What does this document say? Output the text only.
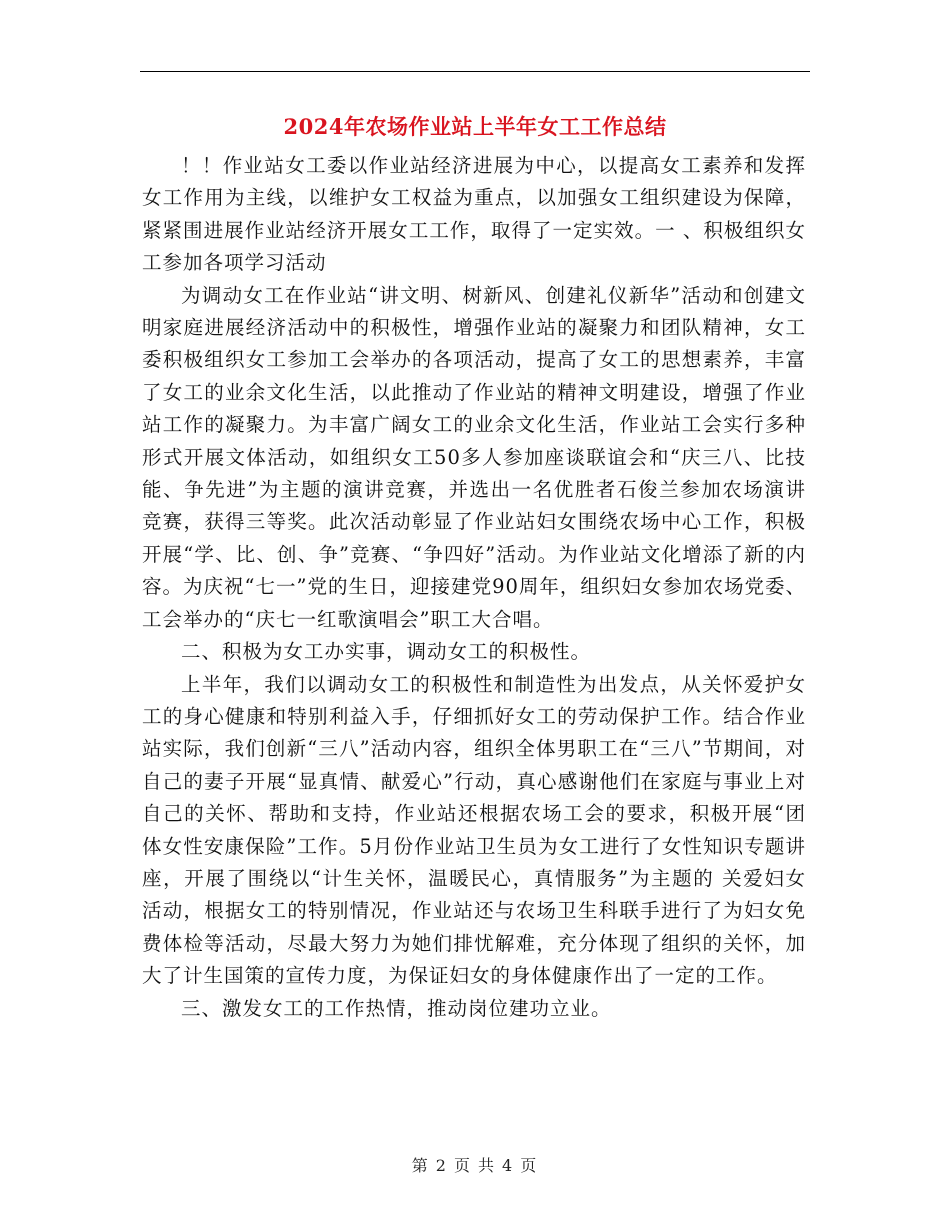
2024年农场作业站上半年女工工作总结

！！作业站女工委以作业站经济进展为中心，以提高女工素养和发挥女工作用为主线，以维护女工权益为重点，以加强女工组织建设为保障，紧紧围进展作业站经济开展女工工作，取得了一定实效。一 、积极组织女工参加各项学习活动

为调动女工在作业站“讲文明、树新风、创建礼仪新华”活动和创建文明家庭进展经济活动中的积极性，增强作业站的凝聚力和团队精神，女工委积极组织女工参加工会举办的各项活动，提高了女工的思想素养，丰富了女工的业余文化生活，以此推动了作业站的精神文明建设，增强了作业站工作的凝聚力。为丰富广阔女工的业余文化生活，作业站工会实行多种形式开展文体活动，如组织女工50多人参加座谈联谊会和“庆三八、比技能、争先进”为主题的演讲竞赛，并选出一名优胜者石俊兰参加农场演讲竞赛，获得三等奖。此次活动彰显了作业站妇女围绕农场中心工作，积极开展“学、比、创、争”竞赛、“争四好”活动。为作业站文化增添了新的内容。为庆祝“七一”党的生日，迎接建党90周年，组织妇女参加农场党委、工会举办的“庆七一红歌演唱会”职工大合唱。

二、积极为女工办实事，调动女工的积极性。

上半年，我们以调动女工的积极性和制造性为出发点，从关怀爱护女工的身心健康和特别利益入手，仔细抓好女工的劳动保护工作。结合作业站实际，我们创新“三八”活动内容，组织全体男职工在“三八”节期间，对自己的妻子开展“显真情、献爱心”行动，真心感谢他们在家庭与事业上对自己的关怀、帮助和支持，作业站还根据农场工会的要求，积极开展“团体女性安康保险”工作。5月份作业站卫生员为女工进行了女性知识专题讲座，开展了围绕以“计生关怀，温暖民心，真情服务”为主题的 关爱妇女活动，根据女工的特别情况，作业站还与农场卫生科联手进行了为妇女免费体检等活动，尽最大努力为她们排忧解难，充分体现了组织的关怀，加大了计生国策的宣传力度，为保证妇女的身体健康作出了一定的工作。

三、激发女工的工作热情，推动岗位建功立业。

第 2 页 共 4 页
